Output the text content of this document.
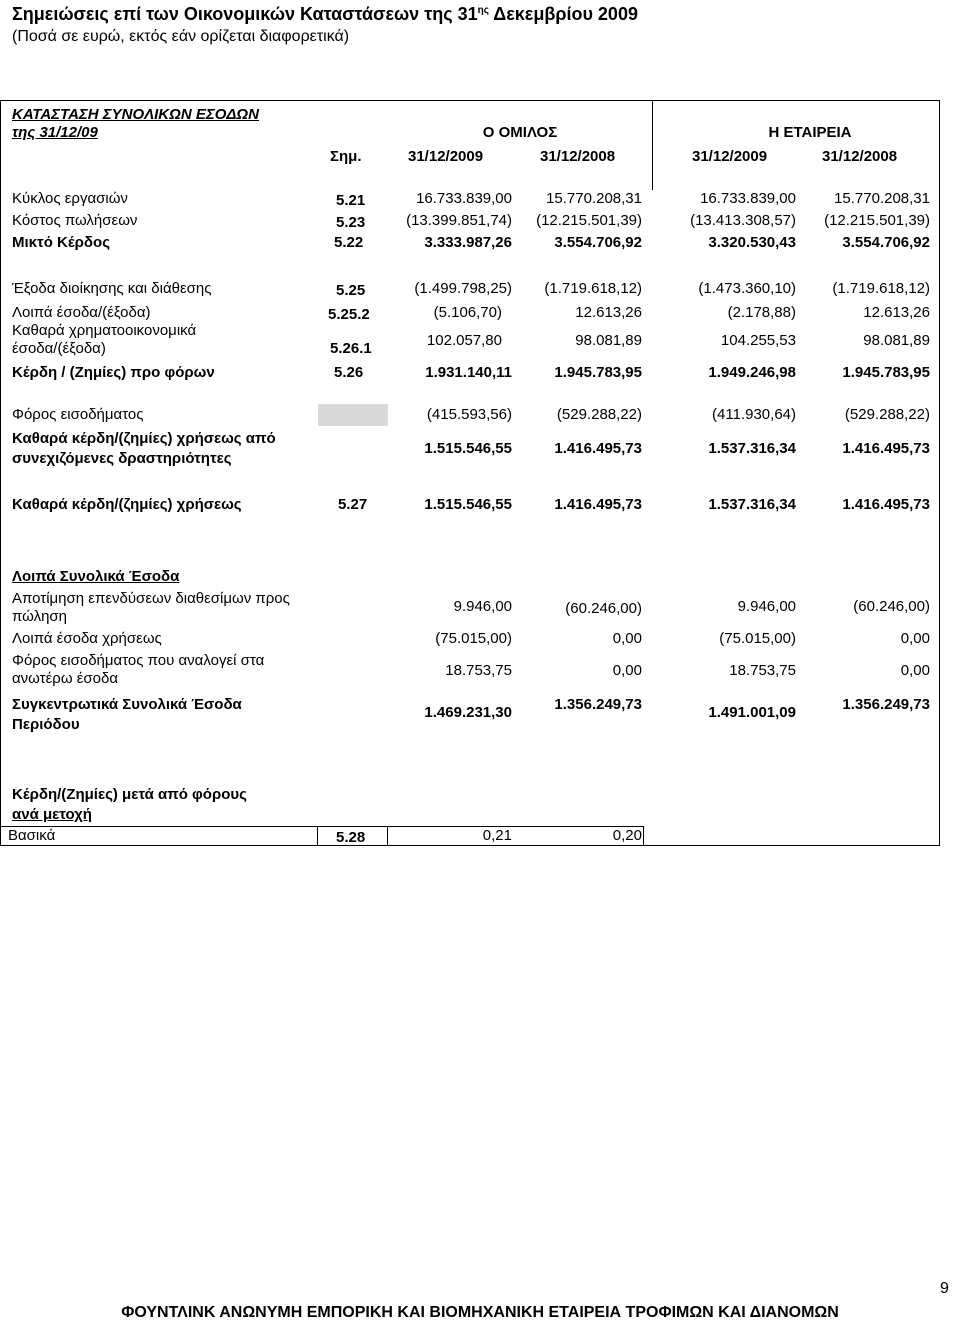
Σημειώσεις επί των Οικονομικών Καταστάσεων της $31^{\eta\varsigma}$ Δεκεμβρίου 2009
(Ποσά σε ευρώ, εκτός εάν ορίζεται διαφορετικά)
ΚΑΤΑΣΤΑΣΗ ΣΥΝΟΛΙΚΩΝ ΕΣΟΔΩΝ
της 31/12/09	Ο ΟΜΙΛΟΣ	Η ΕΤΑΙΡΕΙΑ
Σημ.	31/12/2009	31/12/2008	31/12/2009	31/12/2008
Κύκλος εργασιών	5.21	16.733.839,00	15.770.208,31	16.733.839,00	15.770.208,31
Κόστος πωλήσεων	5.23	(13.399.851,74)	(12.215.501,39)	(13.413.308,57)	(12.215.501,39)
Μικτό Κέρδος	5.22	3.333.987,26	3.554.706,92	3.320.530,43	3.554.706,92
Έξοδα διοίκησης και διάθεσης	5.25	(1.499.798,25)	(1.719.618,12)	(1.473.360,10)	(1.719.618,12)
Λοιπά έσοδα/(έξοδα)	5.25.2	(5.106,70)	12.613,26	(2.178,88)	12.613,26
Καθαρά χρηματοοικονομικά
έσοδα/(έξοδα)	5.26.1	102.057,80	98.081,89	104.255,53	98.081,89
Κέρδη / (Ζημίες) προ φόρων	5.26	1.931.140,11	1.945.783,95	1.949.246,98	1.945.783,95
Φόρος εισοδήματος	(415.593,56)	(529.288,22)	(411.930,64)	(529.288,22)
Καθαρά κέρδη/(ζημίες) χρήσεως από
συνεχιζόμενες δραστηριότητες
1.515.546,55	1.416.495,73	1.537.316,34	1.416.495,73
Καθαρά κέρδη/(ζημίες) χρήσεως	5.27	1.515.546,55	1.416.495,73	1.537.316,34	1.416.495,73
Λοιπά Συνολικά Έσοδα
Αποτίμηση επενδύσεων διαθεσίμων προς
πώληση
9.946,00	(60.246,00)	9.946,00	(60.246,00)
Λοιπά έσοδα χρήσεως	(75.015,00)	0,00	(75.015,00)	0,00
Φόρος εισοδήματος που αναλογεί στα
ανωτέρω έσοδα	18.753,75	0,00	18.753,75	0,00
Συγκεντρωτικά Συνολικά Έσοδα
Περιόδου
1.469.231,30	1.356.249,73	1.491.001,09	1.356.249,73
Κέρδη/(Ζημίες) μετά από φόρους
ανά μετοχή
Βασικά	5.28	0,21	0,20
9
ΦΟΥΝΤΛΙΝΚ ΑΝΩΝΥΜΗ ΕΜΠΟΡΙΚΗ ΚΑΙ ΒΙΟΜΗΧΑΝΙΚΗ ΕΤΑΙΡΕΙΑ ΤΡΟΦΙΜΩΝ ΚΑΙ ΔΙΑΝΟΜΩΝ
